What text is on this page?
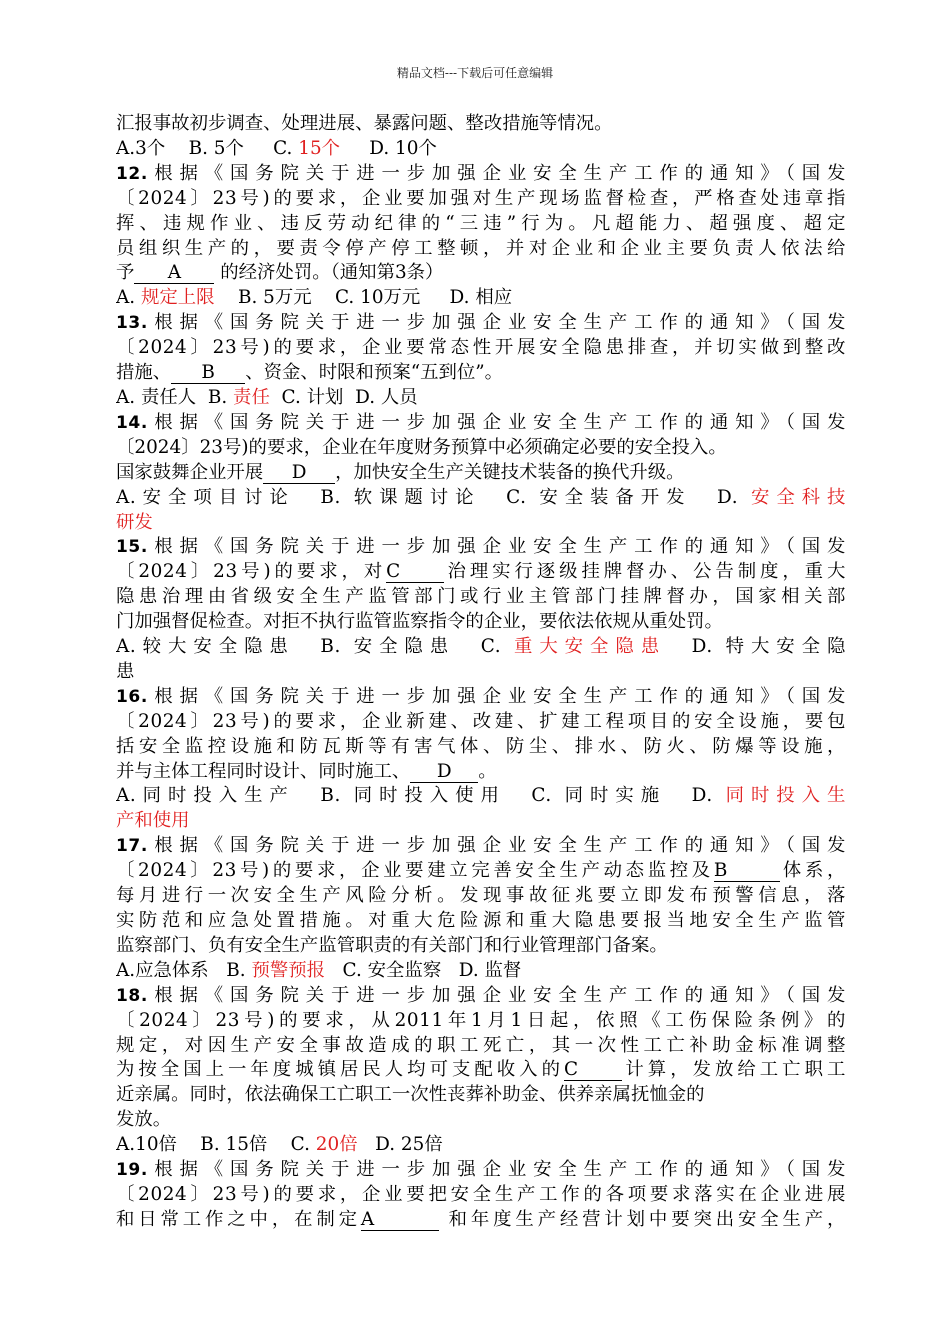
精品文档---下载后可任意编辑
汇报事故初步调查、处理进展、暴露问题、整改措施等情况。
A.3个    B. 5个     C. 15个     D. 10个
12.根据《国务院关于进一步加强企业安全生产工作的通知》（国发
〔2024〕23号)的要求，企业要加强对生产现场监督检查，严格查处违章指
挥、违规作业、违反劳动纪律的“三违”行为。凡超能力、超强度、超定
员组织生产的，要责令停产停工整顿，并对企业和企业主要负责人依法给
予 A 的经济处罚。（通知第3条）
A. 规定上限    B. 5万元    C. 10万元     D. 相应
13.根据《国务院关于进一步加强企业安全生产工作的通知》（国发
〔2024〕23号)的要求，企业要常态性开展安全隐患排查，并切实做到整改
措施、 B 、资金、时限和预案“五到位”。
A. 责任人  B. 责任  C. 计划  D. 人员
14.根据《国务院关于进一步加强企业安全生产工作的通知》（国发
〔2024〕23号)的要求，企业在年度财务预算中必须确定必要的安全投入。
国家鼓舞企业开展 D ，加快安全生产关键技术装备的换代升级。
A.安全项目讨论  B. 软课题讨论  C. 安全装备开发  D. 安全科技
研发
15.根据《国务院关于进一步加强企业安全生产工作的通知》（国发
〔2024〕23号)的要求，对C 治理实行逐级挂牌督办、公告制度，重大
隐患治理由省级安全生产监管部门或行业主管部门挂牌督办，国家相关部
门加强督促检查。对拒不执行监管监察指令的企业，要依法依规从重处罚。
A.较大安全隐患  B. 安全隐患  C. 重大安全隐患  D. 特大安全隐
患
16.根据《国务院关于进一步加强企业安全生产工作的通知》（国发
〔2024〕23号)的要求，企业新建、改建、扩建工程项目的安全设施，要包
括安全监控设施和防瓦斯等有害气体、防尘、排水、防火、防爆等设施，
并与主体工程同时设计、同时施工、 D 。
A.同时投入生产  B. 同时投入使用  C. 同时实施  D. 同时投入生
产和使用
17.根据《国务院关于进一步加强企业安全生产工作的通知》（国发
〔2024〕23号)的要求，企业要建立完善安全生产动态监控及B	体系，
每月进行一次安全生产风险分析。发现事故征兆要立即发布预警信息，落
实防范和应急处置措施。对重大危险源和重大隐患要报当地安全生产监管
监察部门、负有安全生产监管职责的有关部门和行业管理部门备案。
A.应急体系   B. 预警预报   C. 安全监察   D. 监督
18.根据《国务院关于进一步加强企业安全生产工作的通知》（国发
〔2024〕23号)的要求，从2011年1月1日起，依照《工伤保险条例》的
规定，对因生产安全事故造成的职工死亡，其一次性工亡补助金标准调整
为按全国上一年度城镇居民人均可支配收入的C 计算，发放给工亡职工
近亲属。同时，依法确保工亡职工一次性丧葬补助金、供养亲属抚恤金的
发放。
A.10倍    B. 15倍    C. 20倍   D. 25倍
19.根据《国务院关于进一步加强企业安全生产工作的通知》（国发
〔2024〕23号)的要求，企业要把安全生产工作的各项要求落实在企业进展
和日常工作之中，在制定A	和年度生产经营计划中要突出安全生产，
